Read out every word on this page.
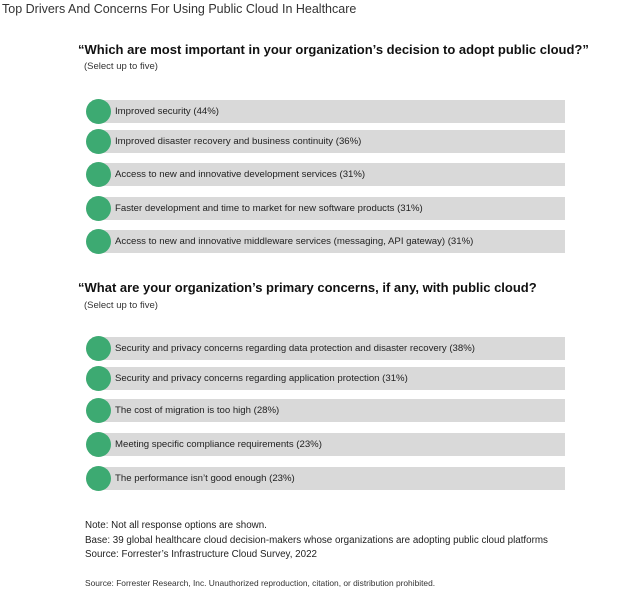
Top Drivers And Concerns For Using Public Cloud In Healthcare
“Which are most important in your organization’s decision to adopt public cloud?”
(Select up to five)
Improved security (44%)
Improved disaster recovery and business continuity (36%)
Access to new and innovative development services (31%)
Faster development and time to market for new software products (31%)
Access to new and innovative middleware services (messaging, API gateway) (31%)
“What are your organization’s primary concerns, if any, with public cloud?
(Select up to five)
Security and privacy concerns regarding data protection and disaster recovery (38%)
Security and privacy concerns regarding application protection (31%)
The cost of migration is too high (28%)
Meeting specific compliance requirements (23%)
The performance isn’t good enough (23%)
Note: Not all response options are shown.
Base: 39 global healthcare cloud decision-makers whose organizations are adopting public cloud platforms
Source: Forrester’s Infrastructure Cloud Survey, 2022
Source: Forrester Research, Inc. Unauthorized reproduction, citation, or distribution prohibited.
